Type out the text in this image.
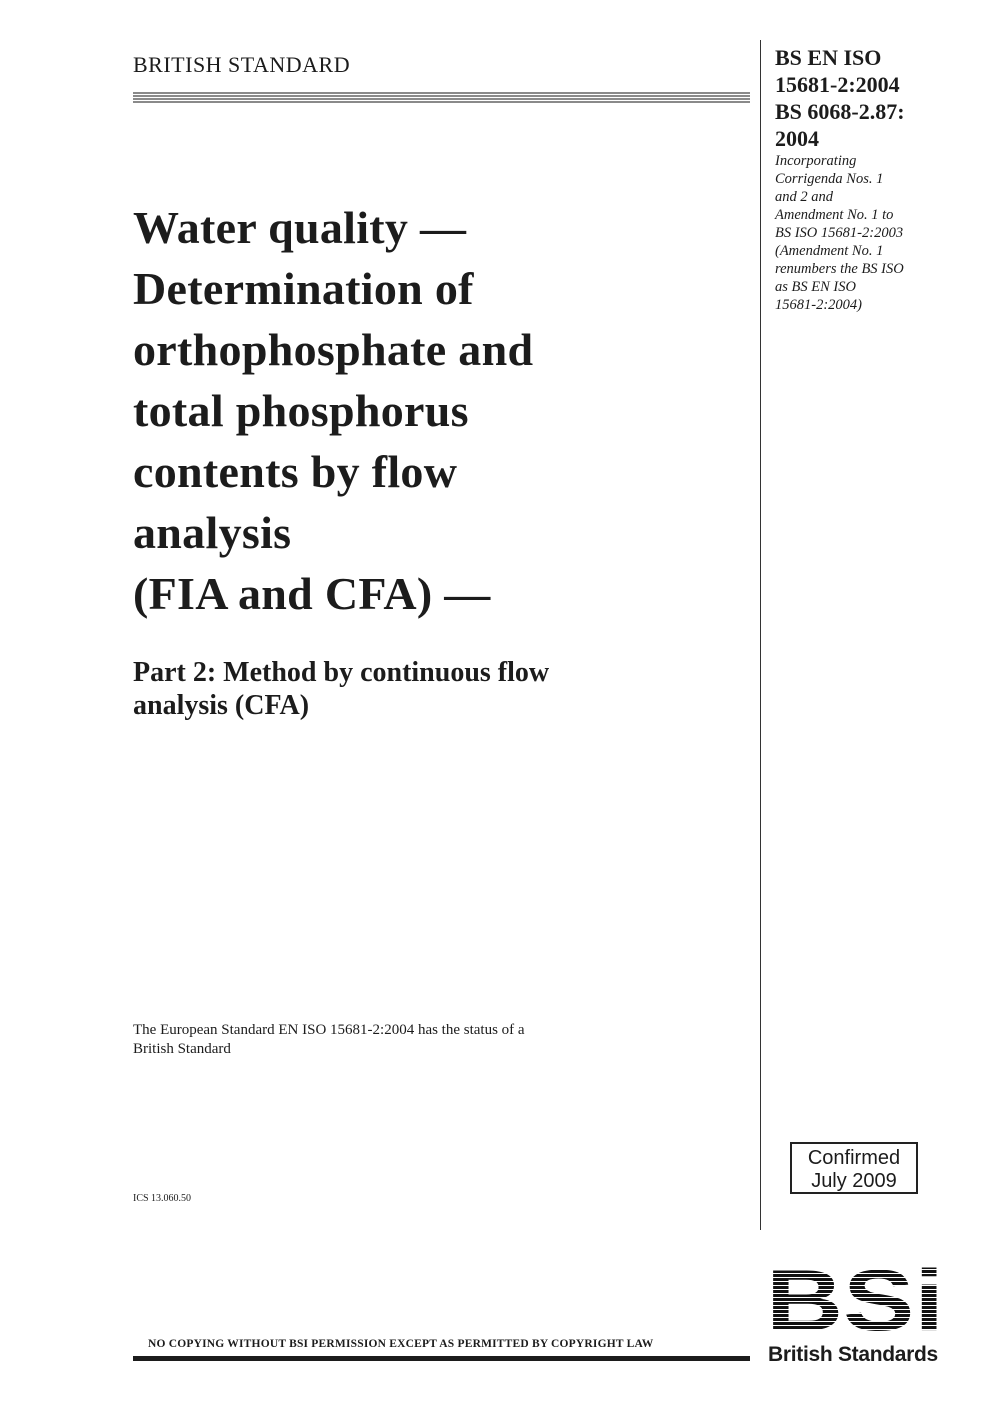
BRITISH STANDARD	BS EN ISO
15681-2:2004
BS 6068-2.87:
2004
Incorporating
Corrigenda Nos. 1
and 2 and
Amendment No. 1 to
BS ISO 15681-2:2003
(Amendment No. 1
renumbers the BS ISO
as BS EN ISO
15681-2:2004)
Water quality —
Determination of
orthophosphate and
total phosphorus
contents by flow
analysis
(FIA and CFA) —
Part 2: Method by continuous flow
analysis (CFA)
The European Standard EN ISO 15681-2:2004 has the status of a
British Standard
ICS 13.060.50
Confirmed
July 2009
BSi
British Standards
NO COPYING WITHOUT BSI PERMISSION EXCEPT AS PERMITTED BY COPYRIGHT LAW
